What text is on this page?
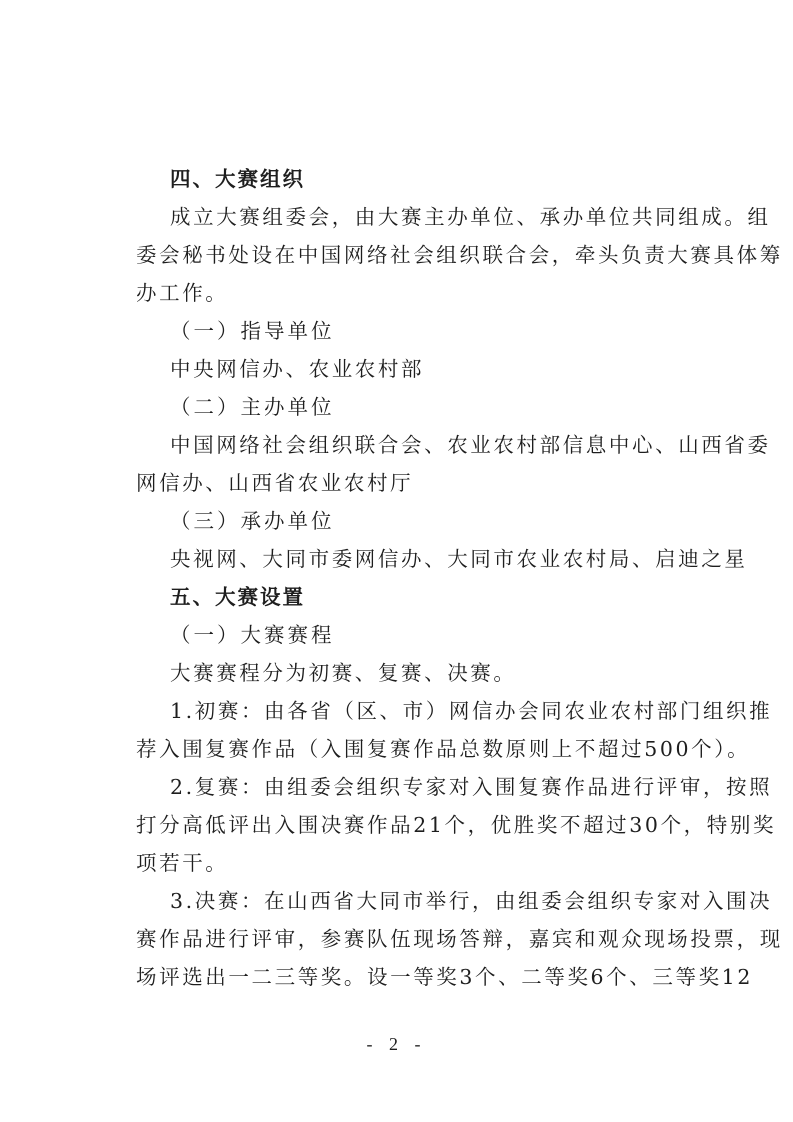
四、大赛组织
成立大赛组委会，由大赛主办单位、承办单位共同组成。组
委会秘书处设在中国网络社会组织联合会，牵头负责大赛具体筹
办工作。
（一）指导单位
中央网信办、农业农村部
（二）主办单位
中国网络社会组织联合会、农业农村部信息中心、山西省委
网信办、山西省农业农村厅
（三）承办单位
央视网、大同市委网信办、大同市农业农村局、启迪之星
五、大赛设置
（一）大赛赛程
大赛赛程分为初赛、复赛、决赛。
1.初赛：由各省（区、市）网信办会同农业农村部门组织推
荐入围复赛作品（入围复赛作品总数原则上不超过500个）。
2.复赛：由组委会组织专家对入围复赛作品进行评审，按照
打分高低评出入围决赛作品21个，优胜奖不超过30个，特别奖
项若干。
3.决赛：在山西省大同市举行，由组委会组织专家对入围决
赛作品进行评审，参赛队伍现场答辩，嘉宾和观众现场投票，现
场评选出一二三等奖。设一等奖3个、二等奖6个、三等奖12
- 2 -
